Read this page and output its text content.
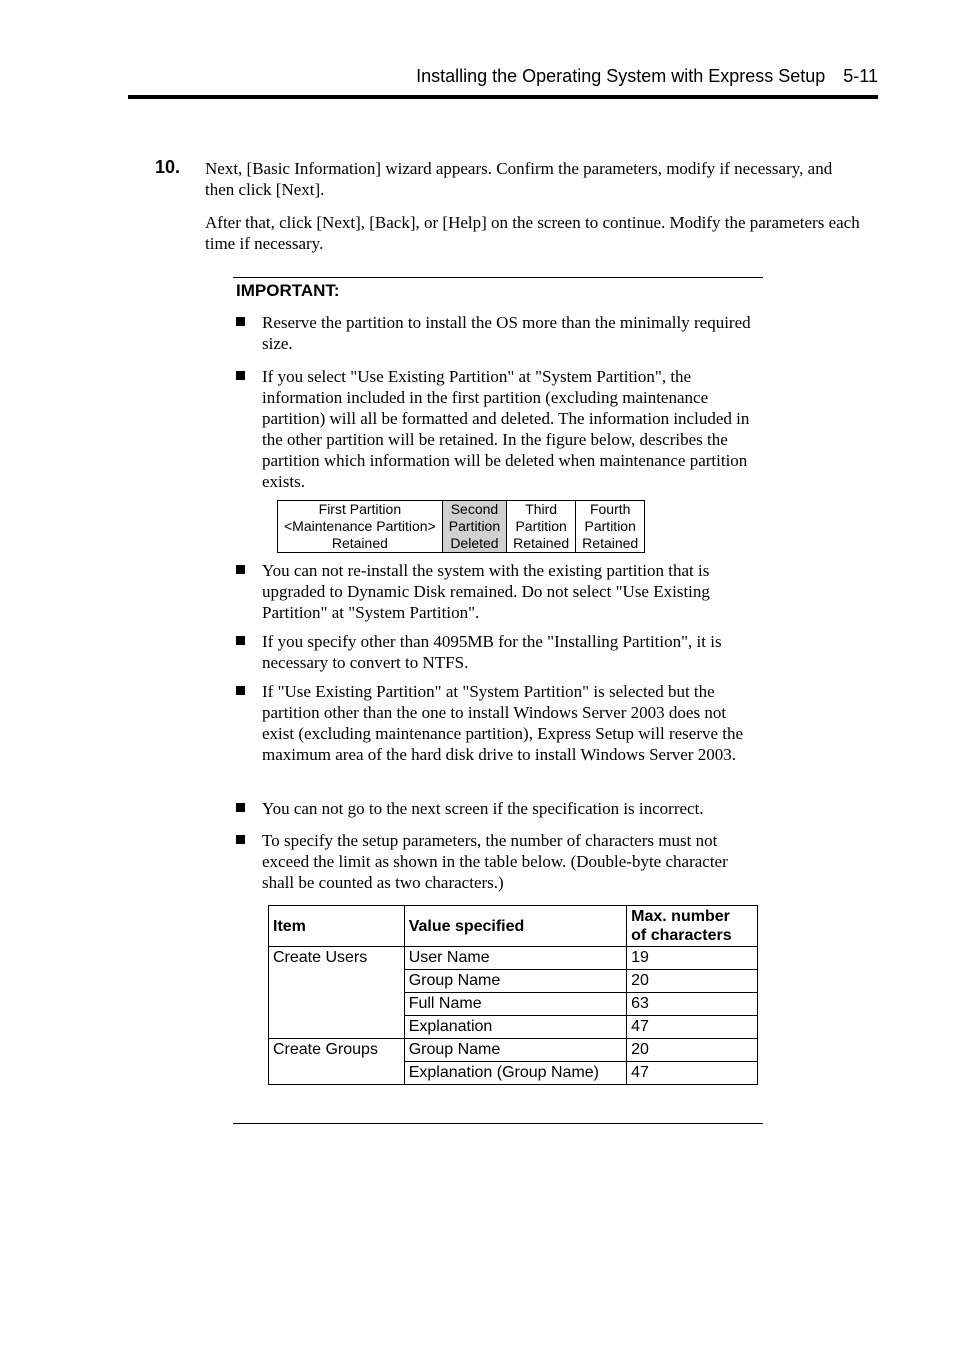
Installing the Operating System with Express Setup 5-11
10. Next, [Basic Information] wizard appears. Confirm the parameters, modify if necessary, and then click [Next].
After that, click [Next], [Back], or [Help] on the screen to continue. Modify the parameters each time if necessary.
IMPORTANT:
Reserve the partition to install the OS more than the minimally required size.
If you select "Use Existing Partition" at "System Partition", the information included in the first partition (excluding maintenance partition) will all be formatted and deleted. The information included in the other partition will be retained. In the figure below, describes the partition which information will be deleted when maintenance partition exists.
First Partition
<Maintenance Partition>
Retained

Second
Partition
Deleted

Third
Partition
Retained

Fourth
Partition
Retained
You can not re-install the system with the existing partition that is upgraded to Dynamic Disk remained. Do not select "Use Existing Partition" at "System Partition".
If you specify other than 4095MB for the "Installing Partition", it is necessary to convert to NTFS.
If "Use Existing Partition" at "System Partition" is selected but the partition other than the one to install Windows Server 2003 does not exist (excluding maintenance partition), Express Setup will reserve the maximum area of the hard disk drive to install Windows Server 2003.
You can not go to the next screen if the specification is incorrect.
To specify the setup parameters, the number of characters must not exceed the limit as shown in the table below. (Double-byte character shall be counted as two characters.)
Item	Value specified	Max. number
of characters

Create Users	User Name	19
	Group Name	20
	Full Name	63
	Explanation	47
Create Groups	Group Name	20
	Explanation (Group Name)	47
